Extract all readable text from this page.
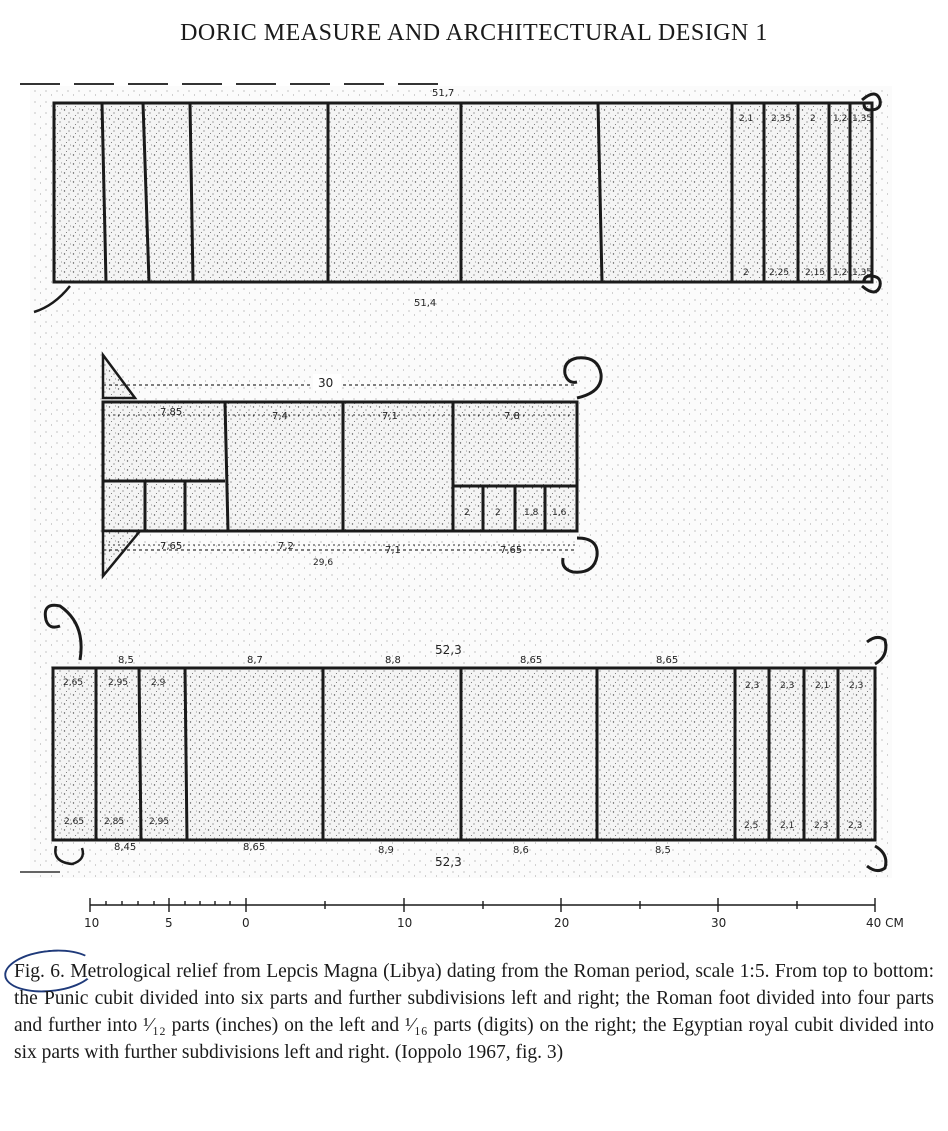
DORIC MEASURE AND ARCHITECTURAL DESIGN 1
51,7
51,4
2,1 2,35 2 1,2 1,35
2 2,25 2,15 1,2 1,35
30
29,6
7,85	7,4	7,1	7,8
7,65	7,2	7,1	7,65
2	2	1,8 1,6
52,3
52,3
8,5	8,7	8,8	8,65	8,65
8,45	8,65	8,9	8,6	8,5
2,65	2,95	2,9
2,65 2,85	2,95
2,3 2,3 2,1 2,3
2,5 2,1 2,3 2,3
10	5	0	10	20	30	40 CM
Fig. 6. Metrological relief from Lepcis Magna (Libya) dating from the Roman period, scale 1:5. From top to bottom: the Punic cubit divided into six parts and further subdivisions left and right; the Roman foot divided into four parts and further into ¹⁄₁₂ parts (inches) on the left and ¹⁄₁₆ parts (digits) on the right; the Egyptian royal cubit divided into six parts with further subdivisions left and right. (Ioppolo 1967, fig. 3)
